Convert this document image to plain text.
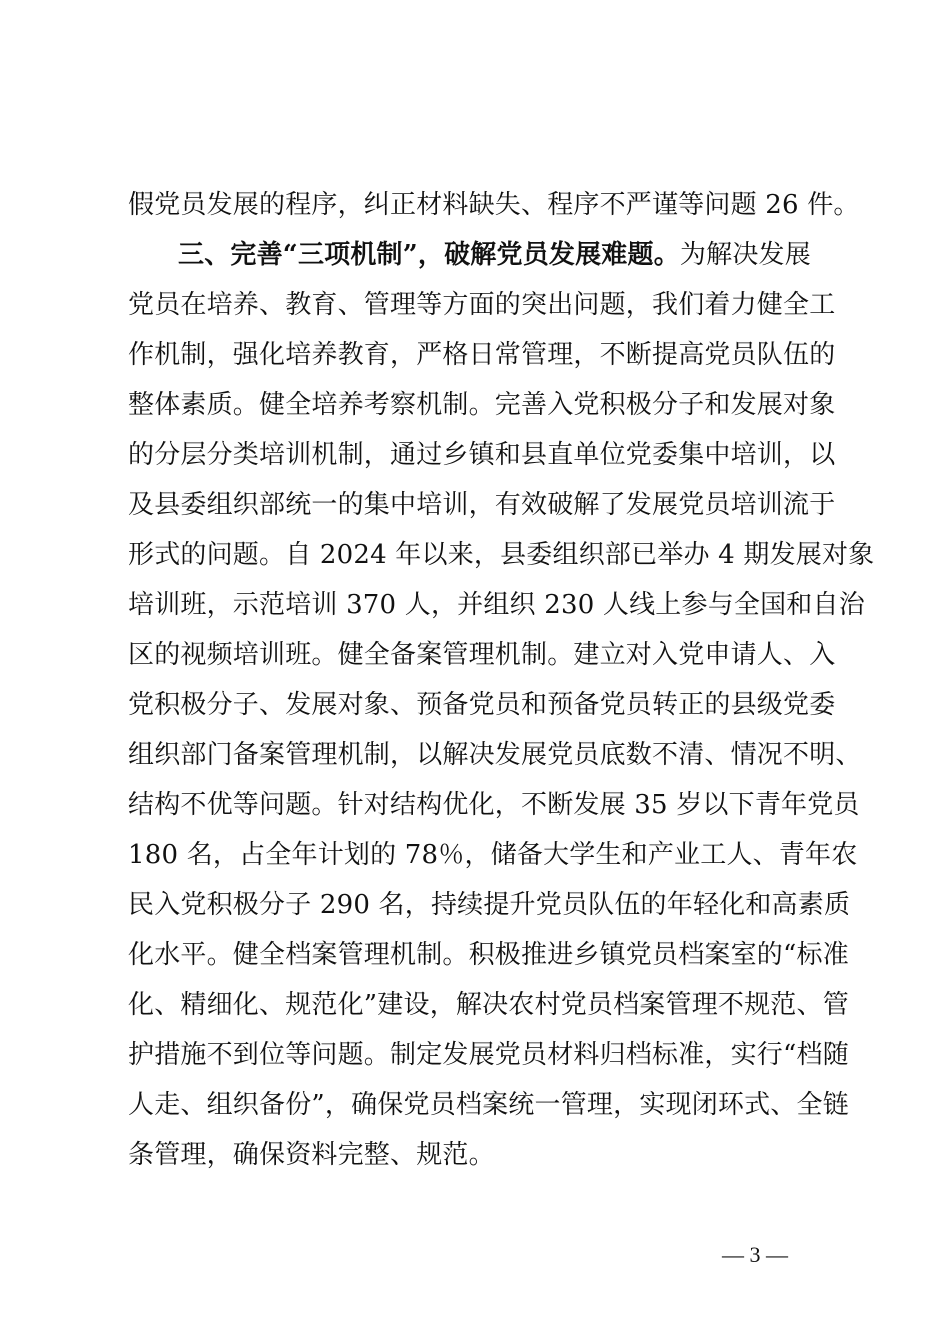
假党员发展的程序，纠正材料缺失、程序不严谨等问题 26 件。
三、完善“三项机制”，破解党员发展难题。为解决发展
党员在培养、教育、管理等方面的突出问题，我们着力健全工
作机制，强化培养教育，严格日常管理，不断提高党员队伍的
整体素质。健全培养考察机制。完善入党积极分子和发展对象
的分层分类培训机制，通过乡镇和县直单位党委集中培训，以
及县委组织部统一的集中培训，有效破解了发展党员培训流于
形式的问题。自 2024 年以来，县委组织部已举办 4 期发展对象
培训班，示范培训 370 人，并组织 230 人线上参与全国和自治
区的视频培训班。健全备案管理机制。建立对入党申请人、入
党积极分子、发展对象、预备党员和预备党员转正的县级党委
组织部门备案管理机制，以解决发展党员底数不清、情况不明、
结构不优等问题。针对结构优化，不断发展 35 岁以下青年党员
180 名，占全年计划的 78％，储备大学生和产业工人、青年农
民入党积极分子 290 名，持续提升党员队伍的年轻化和高素质
化水平。健全档案管理机制。积极推进乡镇党员档案室的“标准
化、精细化、规范化”建设，解决农村党员档案管理不规范、管
护措施不到位等问题。制定发展党员材料归档标准，实行“档随
人走、组织备份”，确保党员档案统一管理，实现闭环式、全链
条管理，确保资料完整、规范。
— 3 —
